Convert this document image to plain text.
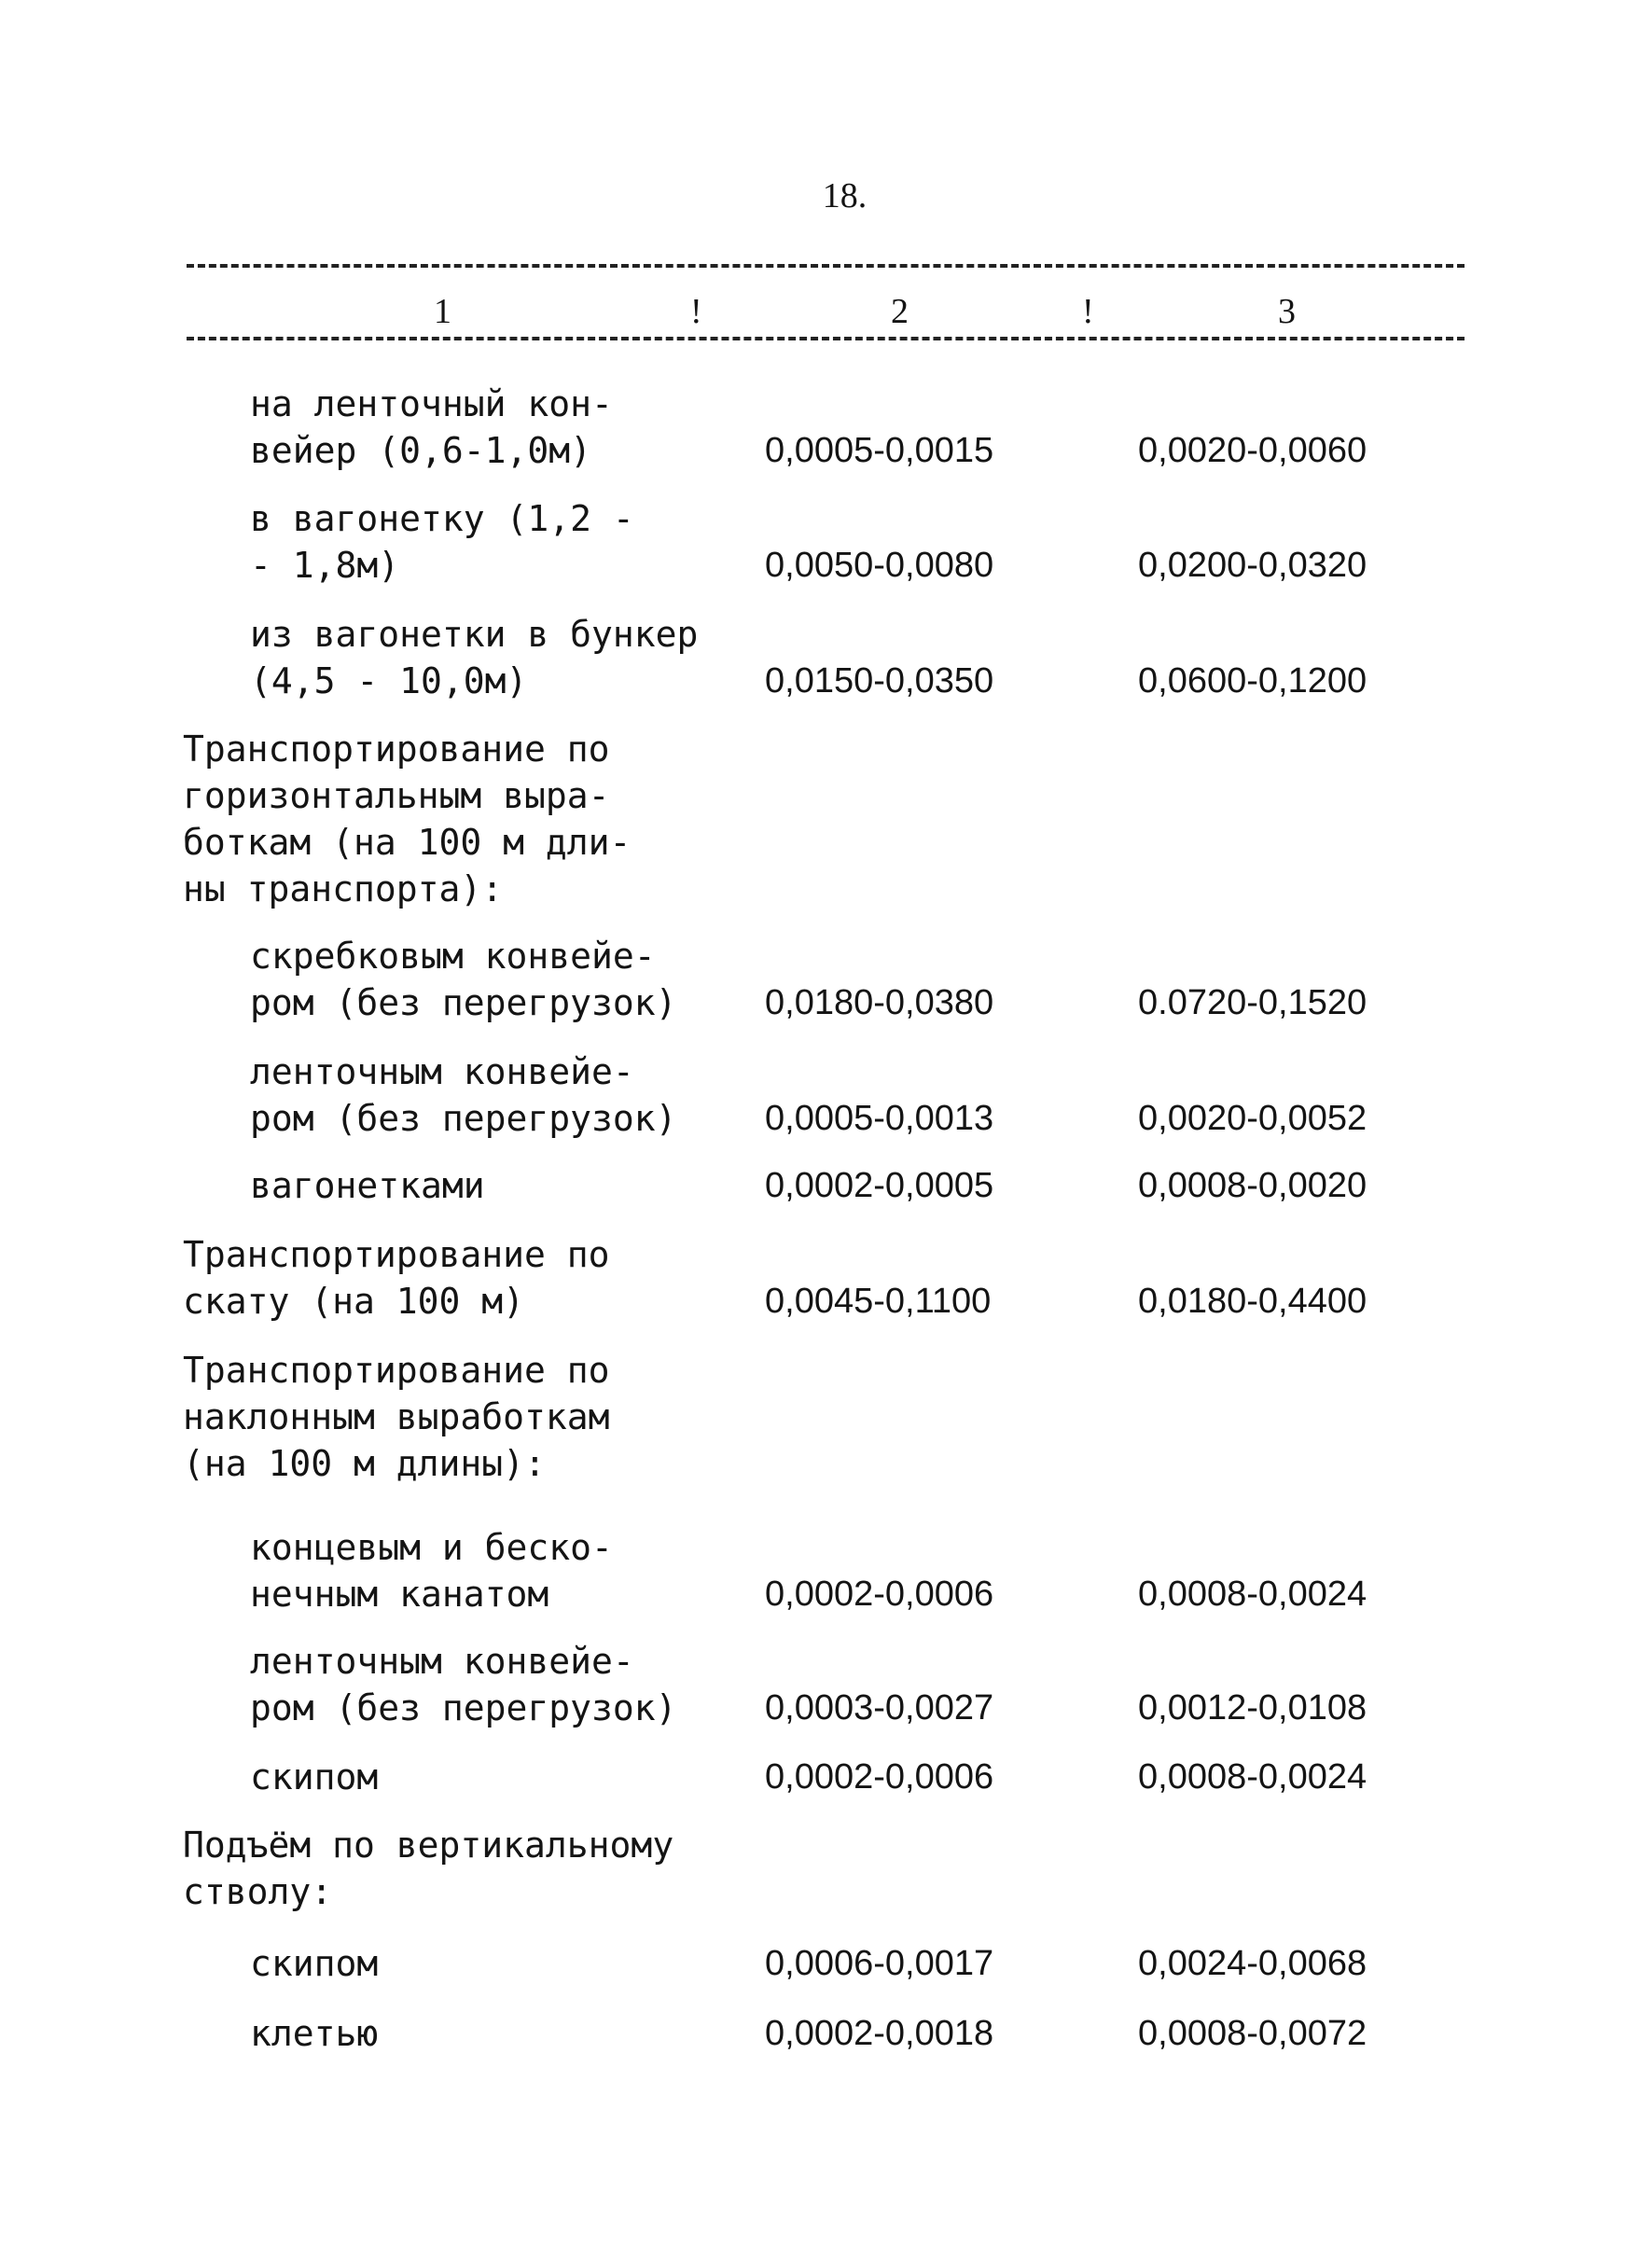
18.
1	!	2	!	3
на ленточный кон-
вейер (0,6-1,0м)	0,0005-0,0015	0,0020-0,0060
в вагонетку (1,2 -
- 1,8м)	0,0050-0,0080	0,0200-0,0320
из вагонетки в бункер
(4,5 - 10,0м)	0,0150-0,0350	0,0600-0,1200
Транспортирование по
горизонтальным выра-
боткам (на 100 м дли-
ны транспорта):
скребковым конвейе-
ром (без перегрузок) 0,0180-0,0380	0.0720-0,1520
ленточным конвейе-
ром (без перегрузок) 0,0005-0,0013	0,0020-0,0052
вагонетками	0,0002-0,0005	0,0008-0,0020
Транспортирование по
скату (на 100 м)	0,0045-0,1100	0,0180-0,4400
Транспортирование по
наклонным выработкам
(на 100 м длины):
концевым и беско-
нечным канатом	0,0002-0,0006	0,0008-0,0024
ленточным конвейе-
ром (без перегрузок) 0,0003-0,0027	0,0012-0,0108
скипом	0,0002-0,0006	0,0008-0,0024
Подъём по вертикальному
стволу:
скипом	0,0006-0,0017	0,0024-0,0068
клетью	0,0002-0,0018	0,0008-0,0072
